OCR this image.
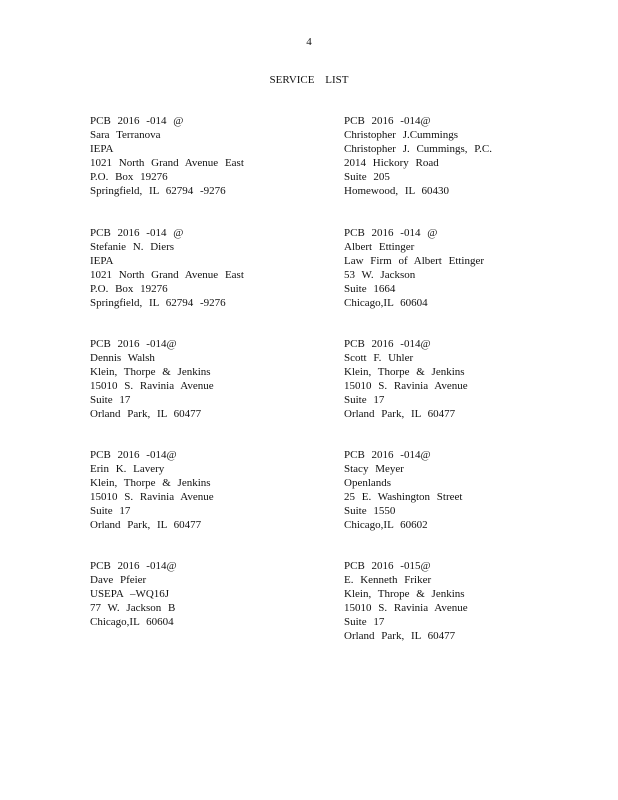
4
SERVICE LIST
PCB 2016 -014 @
Sara Terranova
IEPA
1021 North Grand Avenue East
P.O. Box 19276
Springfield, IL 62794 -9276
PCB 2016 -014@
Christopher J.Cummings
Christopher J. Cummings, P.C.
2014 Hickory Road
Suite 205
Homewood, IL 60430
PCB 2016 -014 @
Stefanie N. Diers
IEPA
1021 North Grand Avenue East
P.O. Box 19276
Springfield, IL 62794 -9276
PCB 2016 -014 @
Albert Ettinger
Law Firm of Albert Ettinger
53 W. Jackson
Suite 1664
Chicago,IL 60604
PCB 2016 -014@
Dennis Walsh
Klein, Thorpe & Jenkins
15010 S. Ravinia Avenue
Suite 17
Orland Park, IL 60477
PCB 2016 -014@
Scott F. Uhler
Klein, Thorpe & Jenkins
15010 S. Ravinia Avenue
Suite 17
Orland Park, IL 60477
PCB 2016 -014@
Erin K. Lavery
Klein, Thorpe & Jenkins
15010 S. Ravinia Avenue
Suite 17
Orland Park, IL 60477
PCB 2016 -014@
Stacy Meyer
Openlands
25 E. Washington Street
Suite 1550
Chicago,IL 60602
PCB 2016 -014@
Dave Pfeier
USEPA –WQ16J
77 W. Jackson B
Chicago,IL 60604
PCB 2016 -015@
E. Kenneth Friker
Klein, Thrope & Jenkins
15010 S. Ravinia Avenue
Suite 17
Orland Park, IL 60477
